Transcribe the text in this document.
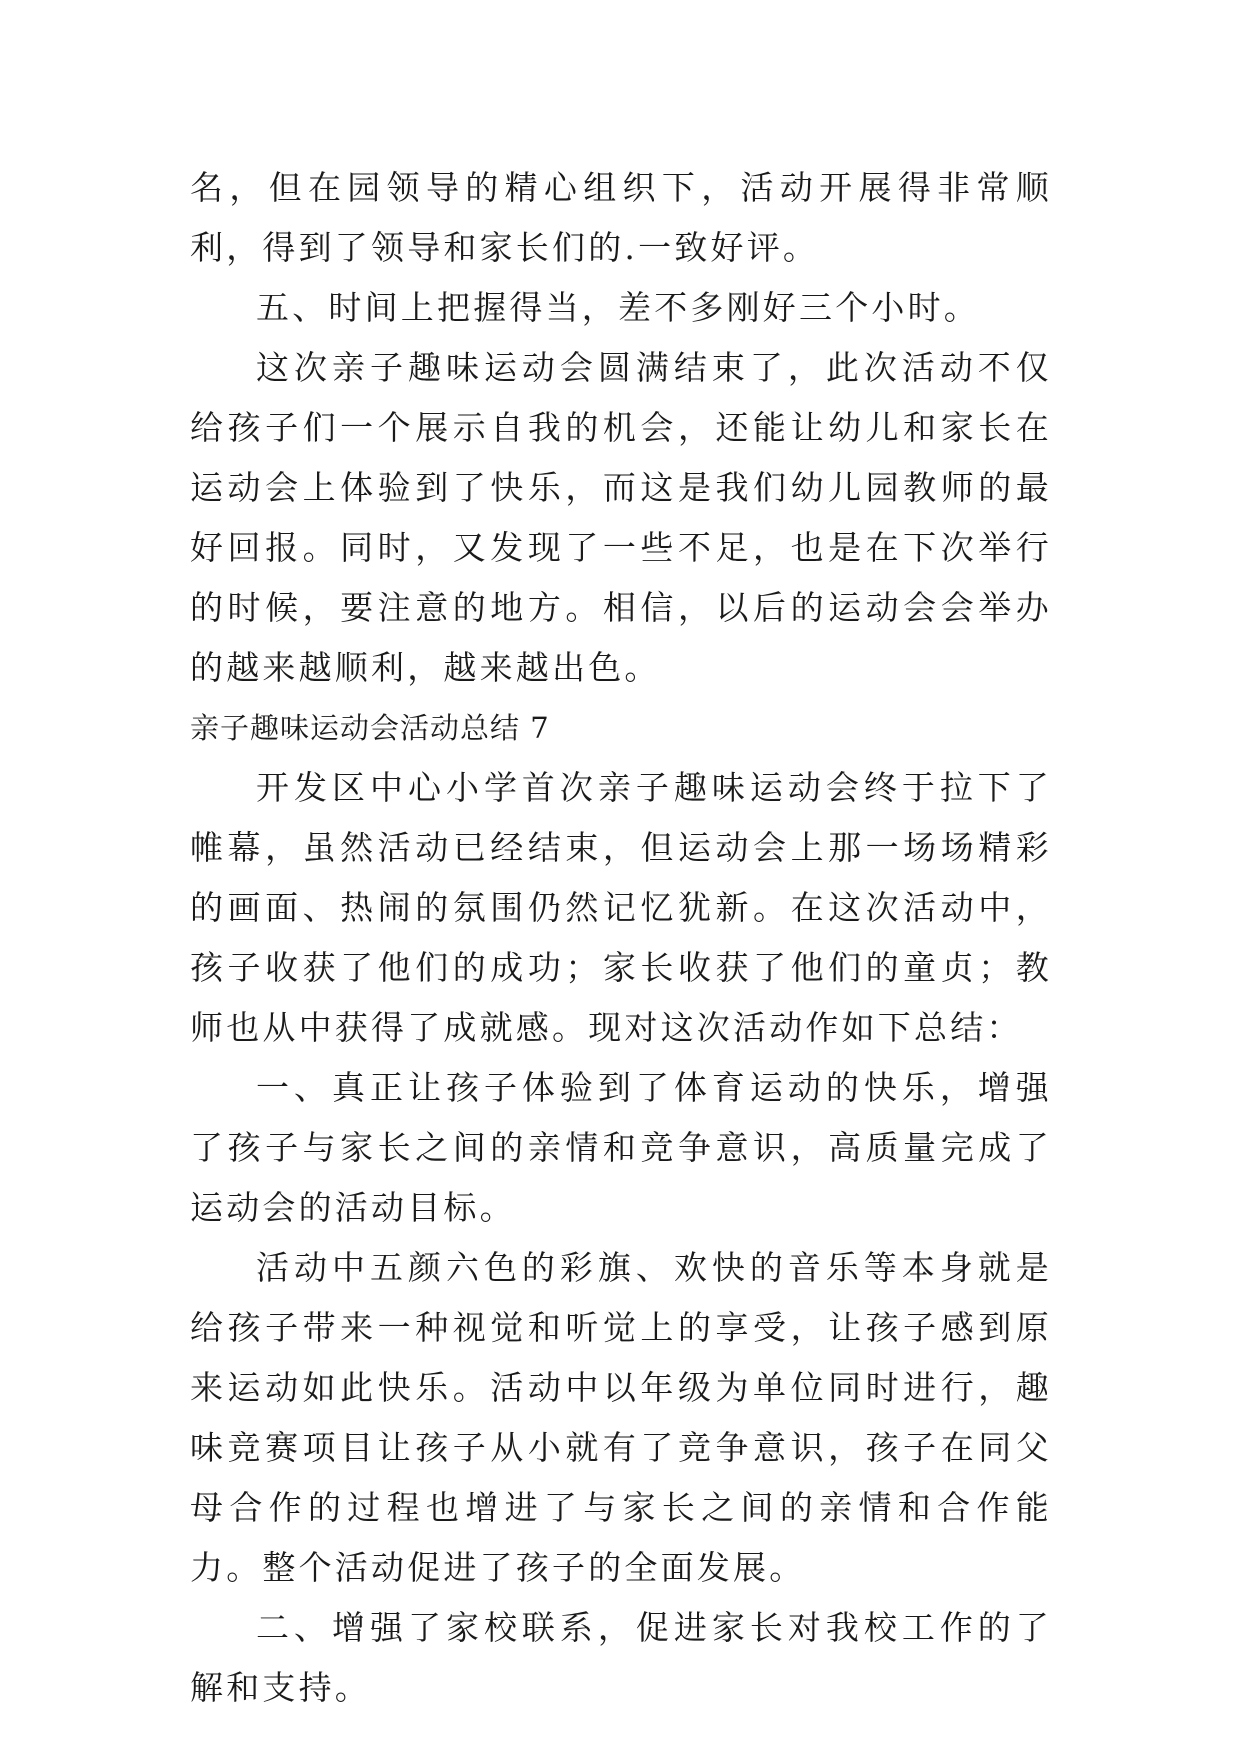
名，但在园领导的精心组织下，活动开展得非常顺利，得到了领导和家长们的.一致好评。

五、时间上把握得当，差不多刚好三个小时。

这次亲子趣味运动会圆满结束了，此次活动不仅给孩子们一个展示自我的机会，还能让幼儿和家长在运动会上体验到了快乐，而这是我们幼儿园教师的最好回报。同时，又发现了一些不足，也是在下次举行的时候，要注意的地方。相信，以后的运动会会举办的越来越顺利，越来越出色。

亲子趣味运动会活动总结 7

开发区中心小学首次亲子趣味运动会终于拉下了帷幕，虽然活动已经结束，但运动会上那一场场精彩的画面、热闹的氛围仍然记忆犹新。在这次活动中，孩子收获了他们的成功；家长收获了他们的童贞；教师也从中获得了成就感。现对这次活动作如下总结：

一、真正让孩子体验到了体育运动的快乐，增强了孩子与家长之间的亲情和竞争意识，高质量完成了运动会的活动目标。

活动中五颜六色的彩旗、欢快的音乐等本身就是给孩子带来一种视觉和听觉上的享受，让孩子感到原来运动如此快乐。活动中以年级为单位同时进行，趣味竞赛项目让孩子从小就有了竞争意识，孩子在同父母合作的过程也增进了与家长之间的亲情和合作能力。整个活动促进了孩子的全面发展。

二、增强了家校联系，促进家长对我校工作的了解和支持。
